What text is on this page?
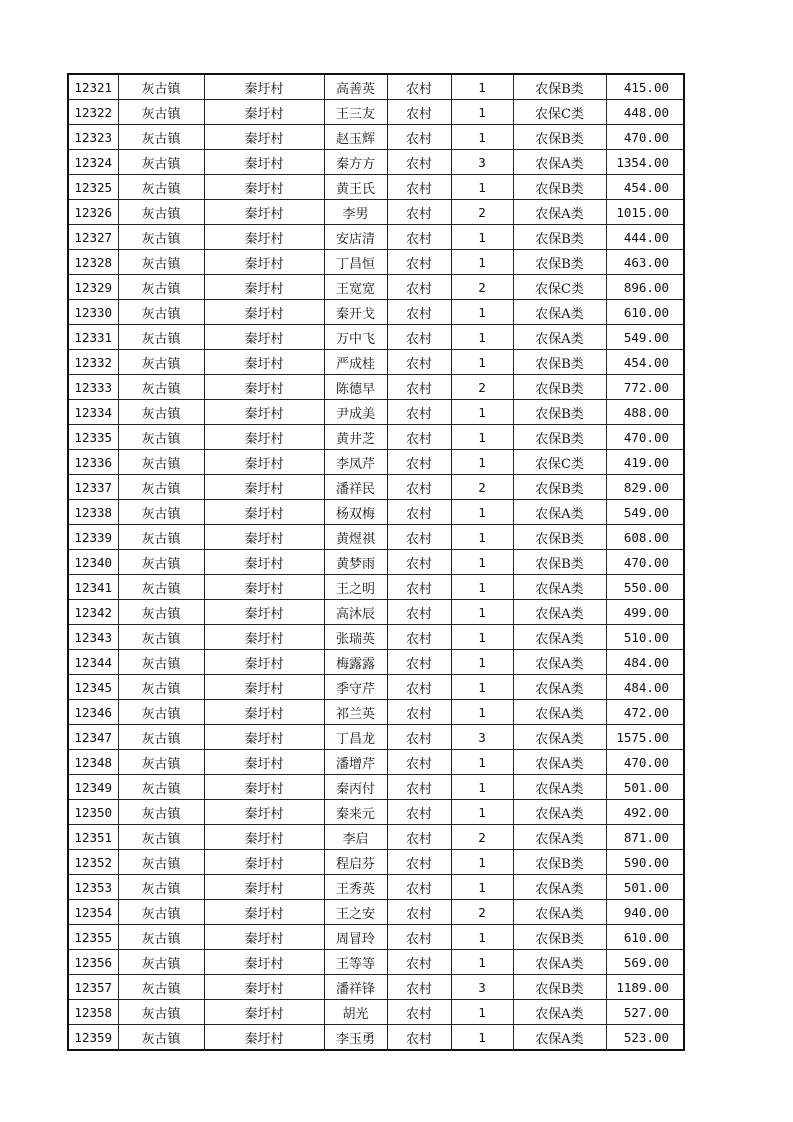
12321	灰古镇	秦圩村	高善英	农村	1	农保B类	415.00
12322	灰古镇	秦圩村	王三友	农村	1	农保C类	448.00
12323	灰古镇	秦圩村	赵玉辉	农村	1	农保B类	470.00
12324	灰古镇	秦圩村	秦方方	农村	3	农保A类	1354.00
12325	灰古镇	秦圩村	黄王氏	农村	1	农保B类	454.00
12326	灰古镇	秦圩村	李男	农村	2	农保A类	1015.00
12327	灰古镇	秦圩村	安店清	农村	1	农保B类	444.00
12328	灰古镇	秦圩村	丁昌恒	农村	1	农保B类	463.00
12329	灰古镇	秦圩村	王宽宽	农村	2	农保C类	896.00
12330	灰古镇	秦圩村	秦开戈	农村	1	农保A类	610.00
12331	灰古镇	秦圩村	万中飞	农村	1	农保A类	549.00
12332	灰古镇	秦圩村	严成桂	农村	1	农保B类	454.00
12333	灰古镇	秦圩村	陈德早	农村	2	农保B类	772.00
12334	灰古镇	秦圩村	尹成美	农村	1	农保B类	488.00
12335	灰古镇	秦圩村	黄井芝	农村	1	农保B类	470.00
12336	灰古镇	秦圩村	李凤芹	农村	1	农保C类	419.00
12337	灰古镇	秦圩村	潘祥民	农村	2	农保B类	829.00
12338	灰古镇	秦圩村	杨双梅	农村	1	农保A类	549.00
12339	灰古镇	秦圩村	黄煜祺	农村	1	农保B类	608.00
12340	灰古镇	秦圩村	黄梦雨	农村	1	农保B类	470.00
12341	灰古镇	秦圩村	王之明	农村	1	农保A类	550.00
12342	灰古镇	秦圩村	高沐辰	农村	1	农保A类	499.00
12343	灰古镇	秦圩村	张瑞英	农村	1	农保A类	510.00
12344	灰古镇	秦圩村	梅露露	农村	1	农保A类	484.00
12345	灰古镇	秦圩村	季守芹	农村	1	农保A类	484.00
12346	灰古镇	秦圩村	祁兰英	农村	1	农保A类	472.00
12347	灰古镇	秦圩村	丁昌龙	农村	3	农保A类	1575.00
12348	灰古镇	秦圩村	潘增芹	农村	1	农保A类	470.00
12349	灰古镇	秦圩村	秦丙付	农村	1	农保A类	501.00
12350	灰古镇	秦圩村	秦来元	农村	1	农保A类	492.00
12351	灰古镇	秦圩村	李启	农村	2	农保A类	871.00
12352	灰古镇	秦圩村	程启芬	农村	1	农保B类	590.00
12353	灰古镇	秦圩村	王秀英	农村	1	农保A类	501.00
12354	灰古镇	秦圩村	王之安	农村	2	农保A类	940.00
12355	灰古镇	秦圩村	周冒玲	农村	1	农保B类	610.00
12356	灰古镇	秦圩村	王等等	农村	1	农保A类	569.00
12357	灰古镇	秦圩村	潘祥锋	农村	3	农保B类	1189.00
12358	灰古镇	秦圩村	胡光	农村	1	农保A类	527.00
12359	灰古镇	秦圩村	李玉勇	农村	1	农保A类	523.00
